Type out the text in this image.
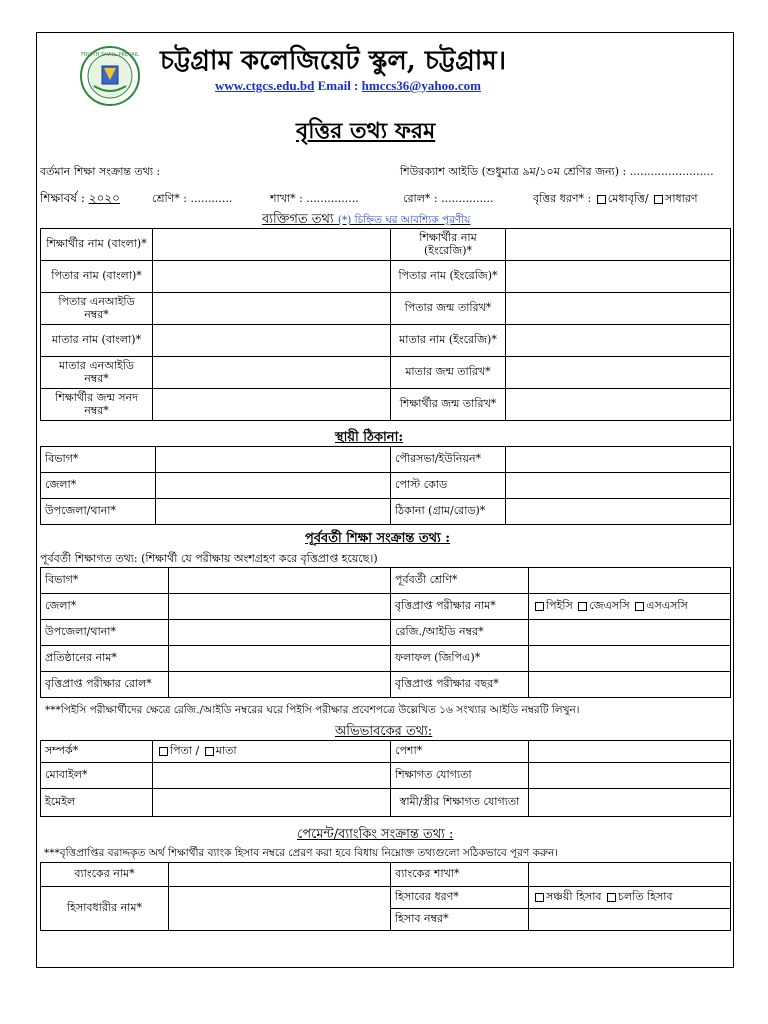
FRUITH SHALL PREVAIL চট্টগ্রাম কলেজিয়েট স্কুল, চট্টগ্রাম।
www.ctgcs.edu.bd Email : hmccs36@yahoo.com
বৃত্তির তথ্য ফরম
বর্তমান শিক্ষা সংক্রান্ত তথ্য :	শিউরক্যাশ আইডি (শুধুমাত্র ৯ম/১০ম শ্রেণির জন্য) : ........................
শিক্ষাবর্ষ : ২০২০	শ্রেণি* : ............	শাখা* : ...............	রোল* : ...............	বৃত্তির ধরণ* : মেধাবৃত্তি/ সাধারণ
ব্যক্তিগত তথ্য (*) চিহ্নিত ঘর আবশ্যিক পূরণীয়
শিক্ষার্থীর নাম (বাংলা)*		শিক্ষার্থীর নাম (ইংরেজি)*	
পিতার নাম (বাংলা)*		পিতার নাম (ইংরেজি)*	
পিতার এনআইডি নম্বর*		পিতার জন্ম তারিখ*	
মাতার নাম (বাংলা)*		মাতার নাম (ইংরেজি)*	
মাতার এনআইডি নম্বর*		মাতার জন্ম তারিখ*	
শিক্ষার্থীর জন্ম সনদ নম্বর*		শিক্ষার্থীর জন্ম তারিখ*	
স্থায়ী ঠিকানা:
বিভাগ*		পৌরসভা/ইউনিয়ন*	
জেলা*		পোস্ট কোড	
উপজেলা/থানা*		ঠিকানা (গ্রাম/রোড)*	
পূর্ববর্তী শিক্ষা সংক্রান্ত তথ্য :
পূর্ববর্তী শিক্ষাগত তথ্য: (শিক্ষার্থী যে পরীক্ষায় অংশগ্রহণ করে বৃত্তিপ্রাপ্ত হয়েছে।)
বিভাগ*		পূর্ববর্তী শ্রেণি*	
জেলা*		বৃত্তিপ্রাপ্ত পরীক্ষার নাম*	পিইসি জেএসসি এসএসসি
উপজেলা/থানা*		রেজি./আইডি নম্বর*	
প্রতিষ্ঠানের নাম*		ফলাফল (জিপিএ)*	
বৃত্তিপ্রাপ্ত পরীক্ষার রোল*		বৃত্তিপ্রাপ্ত পরীক্ষার বছর*	
***পিইসি পরীক্ষার্থীদের ক্ষেত্রে রেজি./আইডি নম্বরের ঘরে পিইসি পরীক্ষার প্রবেশপত্রে উল্লেখিত ১৬ সংখ্যার আইডি নম্বরটি লিখুন।
অভিভাবকের তথ্য:
সম্পর্ক*	পিতা / মাতা	পেশা*	
মোবাইল*		শিক্ষাগত যোগ্যতা	
ইমেইল		স্বামী/স্ত্রীর শিক্ষাগত যোগ্যতা	
পেমেন্ট/ব্যাংকিং সংক্রান্ত তথ্য :
***বৃত্তিপ্রাপ্তির বরাদ্দকৃত অর্থ শিক্ষার্থীর ব্যাংক হিসাব নম্বরে প্রেরণ করা হবে বিধায় নিম্নোক্ত তথ্যগুলো সঠিকভাবে পূরণ করুন।
ব্যাংকের নাম*		ব্যাংকের শাখা*	
হিসাবধারীর নাম*		হিসাবের ধরণ*	সঞ্চয়ী হিসাব চলতি হিসাব
		হিসাব নম্বর*	
